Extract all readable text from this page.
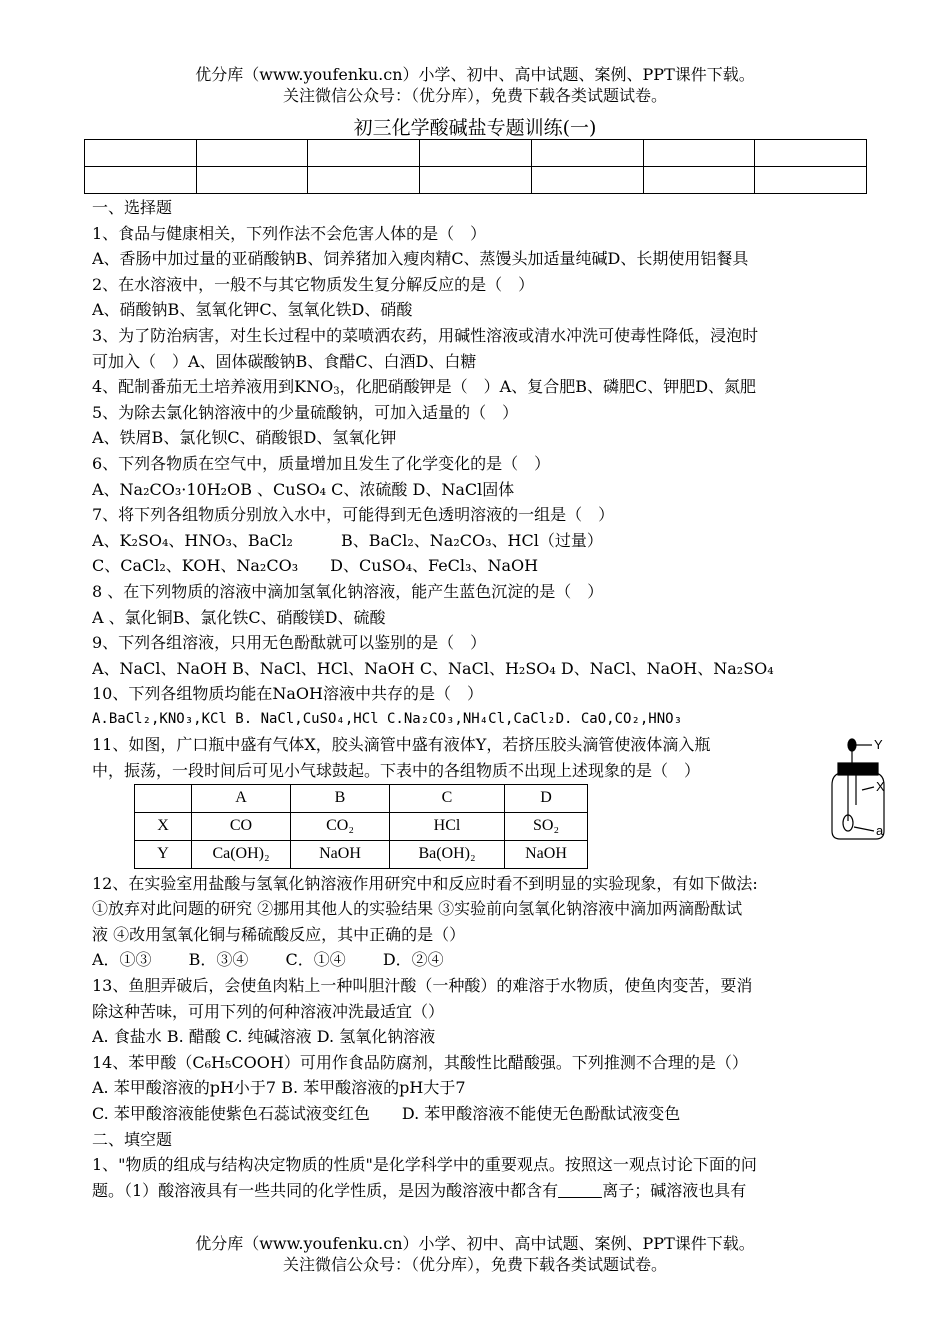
优分库（www.youfenku.cn）小学、初中、高中试题、案例、PPT课件下载。
关注微信公众号：（优分库），免费下载各类试题试卷。
初三化学酸碱盐专题训练(一)

一、选择题
1、食品与健康相关，下列作法不会危害人体的是（　）
A、香肠中加过量的亚硝酸钠B、饲养猪加入瘦肉精C、蒸馒头加适量纯碱D、长期使用铝餐具
2、在水溶液中，一般不与其它物质发生复分解反应的是（　）
A、硝酸钠B、氢氧化钾C、氢氧化铁D、硝酸
3、为了防治病害，对生长过程中的菜喷洒农药，用碱性溶液或清水冲洗可使毒性降低，浸泡时
可加入（　）A、固体碳酸钠B、食醋C、白酒D、白糖
4、配制番茄无土培养液用到$KNO_3$，化肥硝酸钾是（　）A、复合肥B、磷肥C、钾肥D、氮肥
5、为除去氯化钠溶液中的少量硫酸钠，可加入适量的（　）
A、铁屑B、氯化钡C、硝酸银D、氢氧化钾
6、下列各物质在空气中，质量增加且发生了化学变化的是（　）
A、Na₂CO₃·10H₂OB 、CuSO₄ C、浓硫酸 D、NaCl固体
7、将下列各组物质分别放入水中，可能得到无色透明溶液的一组是（　）
A、K₂SO₄、HNO₃、BaCl₂　　　B、BaCl₂、Na₂CO₃、HCl（过量）
C、CaCl₂、KOH、Na₂CO₃　　D、CuSO₄、FeCl₃、NaOH
8 、在下列物质的溶液中滴加氢氧化钠溶液，能产生蓝色沉淀的是（　）
A 、氯化铜B、氯化铁C、硝酸镁D、硫酸
9、下列各组溶液，只用无色酚酞就可以鉴别的是（　）
A、NaCl、NaOH B、NaCl、HCl、NaOH C、NaCl、H₂SO₄ D、NaCl、NaOH、Na₂SO₄
10、下列各组物质均能在NaOH溶液中共存的是（　）
A.BaCl₂,KNO₃,KCl B. NaCl,CuSO₄,HCl C.Na₂CO₃,NH₄Cl,CaCl₂D. CaO,CO₂,HNO₃
11、如图，广口瓶中盛有气体X，胶头滴管中盛有液体Y，若挤压胶头滴管使液体滴入瓶
中，振荡，一段时间后可见小气球鼓起。下表中的各组物质不出现上述现象的是（　）
	A	B	C	D
X	CO	CO₂	HCl	SO₂
Y	Ca(OH)₂	NaOH	Ba(OH)₂	NaOH
12、在实验室用盐酸与氢氧化钠溶液作用研究中和反应时看不到明显的实验现象，有如下做法:
①放弃对此问题的研究 ②挪用其他人的实验结果 ③实验前向氢氧化钠溶液中滴加两滴酚酞试
液 ④改用氢氧化铜与稀硫酸反应，其中正确的是（）
A．①③　　 B．③④　　 C．①④　　 D．②④
13、鱼胆弄破后，会使鱼肉粘上一种叫胆汁酸（一种酸）的难溶于水物质，使鱼肉变苦，要消
除这种苦味，可用下列的何种溶液冲洗最适宜（）
A. 食盐水 B. 醋酸 C. 纯碱溶液 D. 氢氧化钠溶液
14、苯甲酸（C₆H₅COOH）可用作食品防腐剂，其酸性比醋酸强。下列推测不合理的是（）
A. 苯甲酸溶液的pH小于7 B. 苯甲酸溶液的pH大于7
C. 苯甲酸溶液能使紫色石蕊试液变红色　　D. 苯甲酸溶液不能使无色酚酞试液变色
二、填空题
1、"物质的组成与结构决定物质的性质"是化学科学中的重要观点。按照这一观点讨论下面的问
题。（1）酸溶液具有一些共同的化学性质，是因为酸溶液中都含有	离子；碱溶液也具有
Y
X
a
优分库（www.youfenku.cn）小学、初中、高中试题、案例、PPT课件下载。
关注微信公众号：（优分库），免费下载各类试题试卷。
